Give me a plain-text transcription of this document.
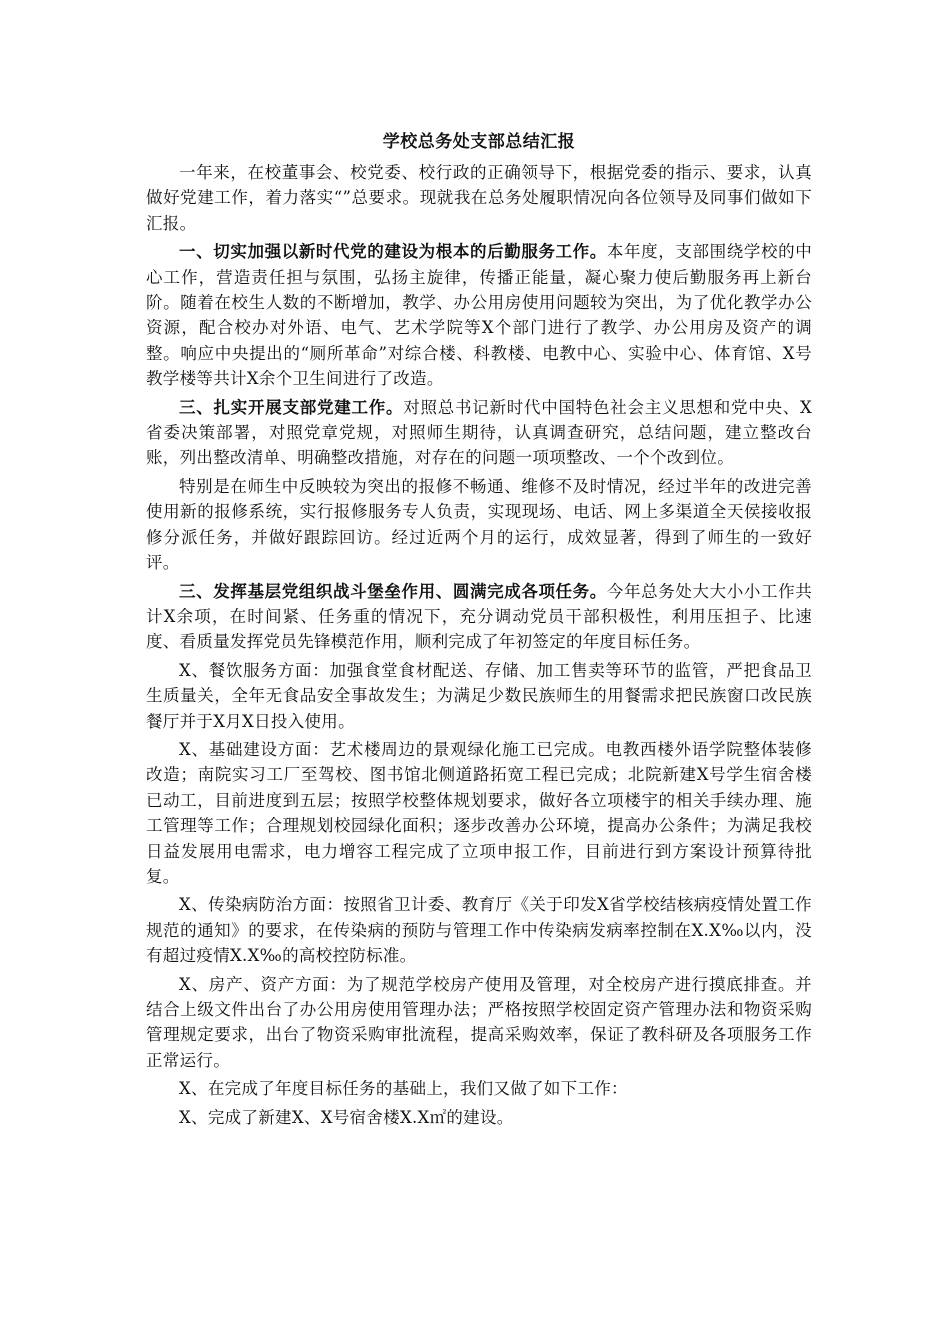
学校总务处支部总结汇报

一年来，在校董事会、校党委、校行政的正确领导下，根据党委的指示、要求，认真做好党建工作，着力落实“”总要求。现就我在总务处履职情况向各位领导及同事们做如下汇报。

一、切实加强以新时代党的建设为根本的后勤服务工作。本年度，支部围绕学校的中心工作，营造责任担与氛围，弘扬主旋律，传播正能量，凝心聚力使后勤服务再上新台阶。随着在校生人数的不断增加，教学、办公用房使用问题较为突出，为了优化教学办公资源，配合校办对外语、电气、艺术学院等X个部门进行了教学、办公用房及资产的调整。响应中央提出的“厕所革命”对综合楼、科教楼、电教中心、实验中心、体育馆、X号教学楼等共计X余个卫生间进行了改造。

三、扎实开展支部党建工作。对照总书记新时代中国特色社会主义思想和党中央、X省委决策部署，对照党章党规，对照师生期待，认真调查研究，总结问题，建立整改台账，列出整改清单、明确整改措施，对存在的问题一项项整改、一个个改到位。

特别是在师生中反映较为突出的报修不畅通、维修不及时情况，经过半年的改进完善使用新的报修系统，实行报修服务专人负责，实现现场、电话、网上多渠道全天侯接收报修分派任务，并做好跟踪回访。经过近两个月的运行，成效显著，得到了师生的一致好评。

三、发挥基层党组织战斗堡垒作用、圆满完成各项任务。今年总务处大大小小工作共计X余项，在时间紧、任务重的情况下，充分调动党员干部积极性，利用压担子、比速度、看质量发挥党员先锋模范作用，顺利完成了年初签定的年度目标任务。

X、餐饮服务方面：加强食堂食材配送、存储、加工售卖等环节的监管，严把食品卫生质量关，全年无食品安全事故发生；为满足少数民族师生的用餐需求把民族窗口改民族餐厅并于X月X日投入使用。

X、基础建设方面：艺术楼周边的景观绿化施工已完成。电教西楼外语学院整体装修改造；南院实习工厂至驾校、图书馆北侧道路拓宽工程已完成；北院新建X号学生宿舍楼已动工，目前进度到五层；按照学校整体规划要求，做好各立项楼宇的相关手续办理、施工管理等工作；合理规划校园绿化面积；逐步改善办公环境，提高办公条件；为满足我校日益发展用电需求，电力增容工程完成了立项申报工作，目前进行到方案设计预算待批复。

X、传染病防治方面：按照省卫计委、教育厅《关于印发X省学校结核病疫情处置工作规范的通知》的要求，在传染病的预防与管理工作中传染病发病率控制在X.X‰以内，没有超过疫情X.X‰的高校控防标准。

X、房产、资产方面：为了规范学校房产使用及管理，对全校房产进行摸底排查。并结合上级文件出台了办公用房使用管理办法；严格按照学校固定资产管理办法和物资采购管理规定要求，出台了物资采购审批流程，提高采购效率，保证了教科研及各项服务工作正常运行。

X、在完成了年度目标任务的基础上，我们又做了如下工作：

X、完成了新建X、X号宿舍楼X.X㎡的建设。
